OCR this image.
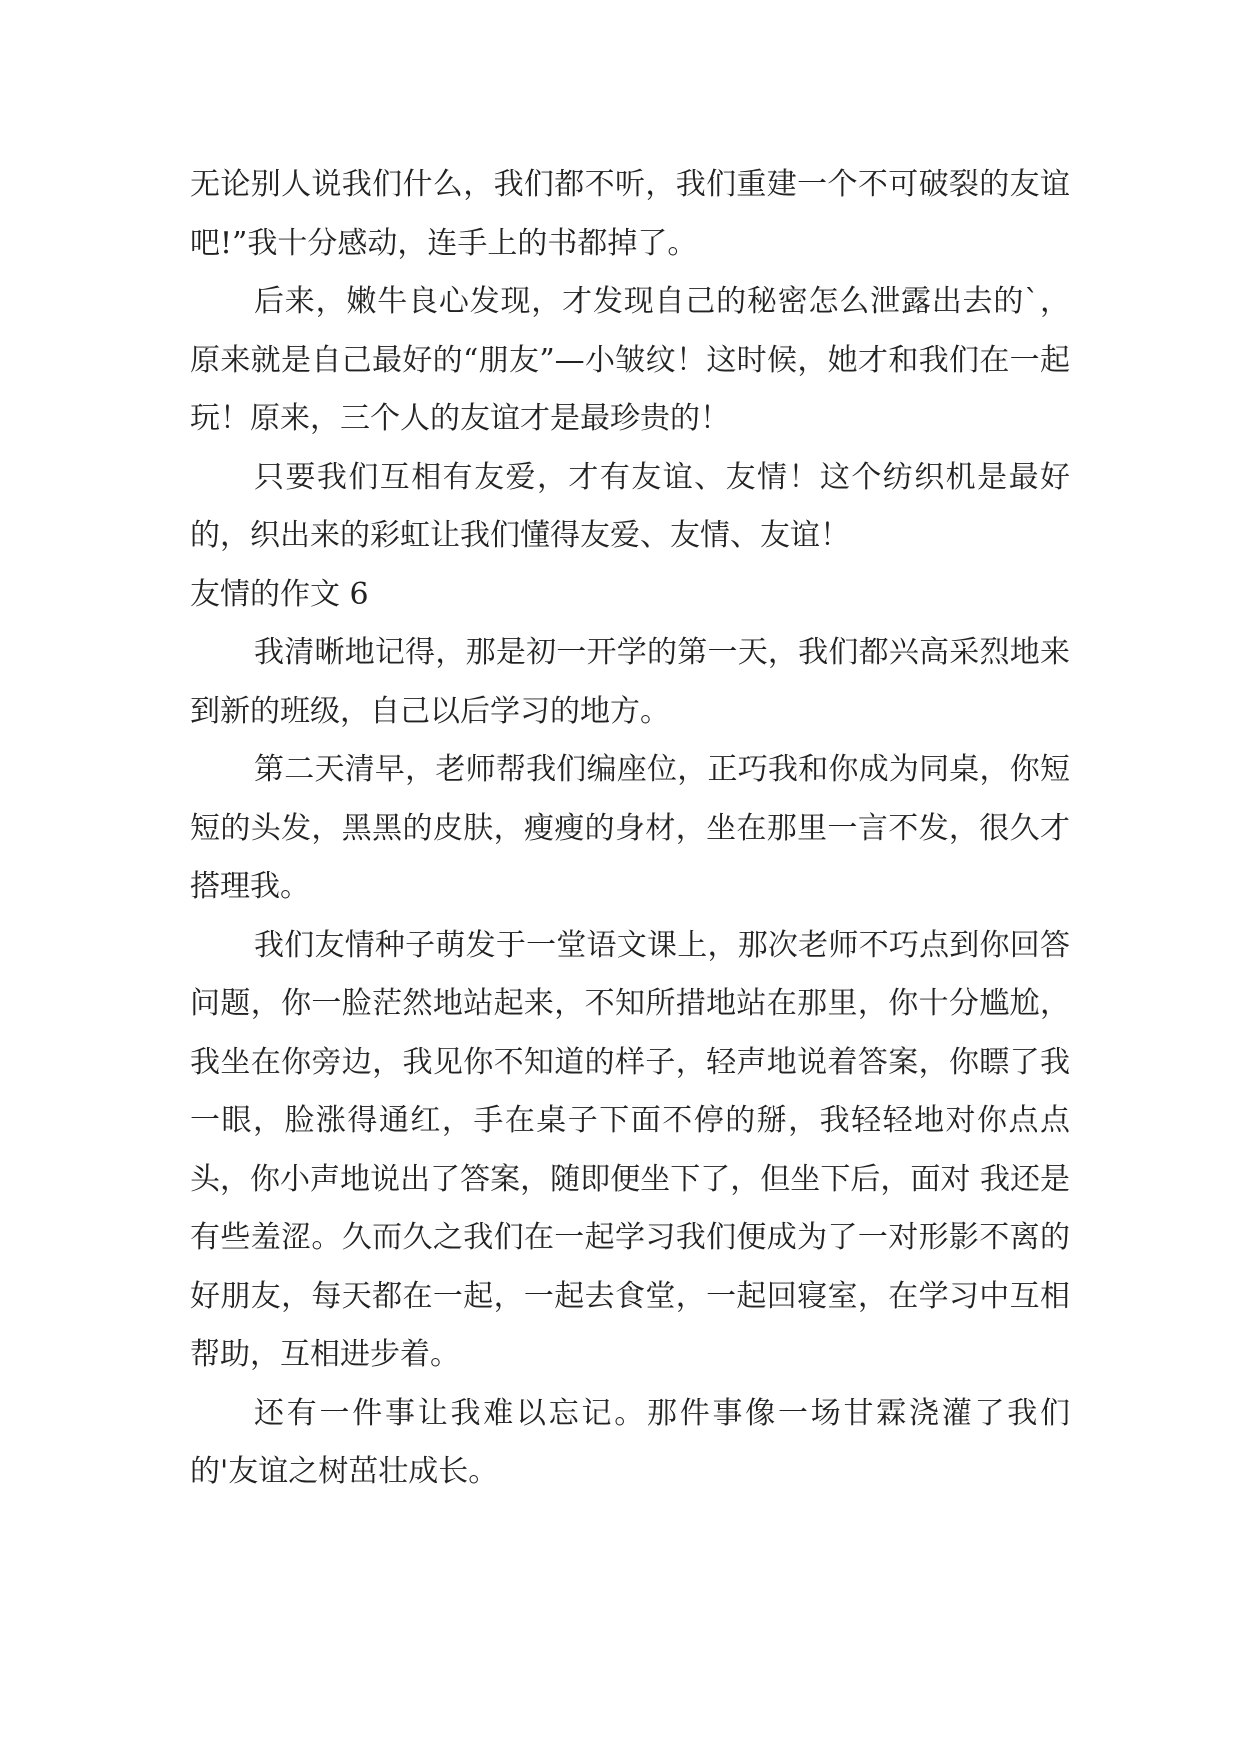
无论别人说我们什么，我们都不听，我们重建一个不可破裂的友谊吧!”我十分感动，连手上的书都掉了。

后来，嫩牛良心发现，才发现自己的秘密怎么泄露出去的`，原来就是自己最好的“朋友”—小皱纹！这时候，她才和我们在一起玩！原来，三个人的友谊才是最珍贵的！

只要我们互相有友爱，才有友谊、友情！这个纺织机是最好的，织出来的彩虹让我们懂得友爱、友情、友谊！

友情的作文 6

我清晰地记得，那是初一开学的第一天，我们都兴高采烈地来到新的班级，自己以后学习的地方。

第二天清早，老师帮我们编座位，正巧我和你成为同桌，你短短的头发，黑黑的皮肤，瘦瘦的身材，坐在那里一言不发，很久才搭理我。

我们友情种子萌发于一堂语文课上，那次老师不巧点到你回答问题，你一脸茫然地站起来，不知所措地站在那里，你十分尴尬，我坐在你旁边，我见你不知道的样子，轻声地说着答案，你瞟了我一眼，脸涨得通红，手在桌子下面不停的掰，我轻轻地对你点点头，你小声地说出了答案，随即便坐下了，但坐下后，面对 我还是有些羞涩。久而久之我们在一起学习我们便成为了一对形影不离的好朋友，每天都在一起，一起去食堂，一起回寝室，在学习中互相帮助，互相进步着。

还有一件事让我难以忘记。那件事像一场甘霖浇灌了我们的'友谊之树茁壮成长。
